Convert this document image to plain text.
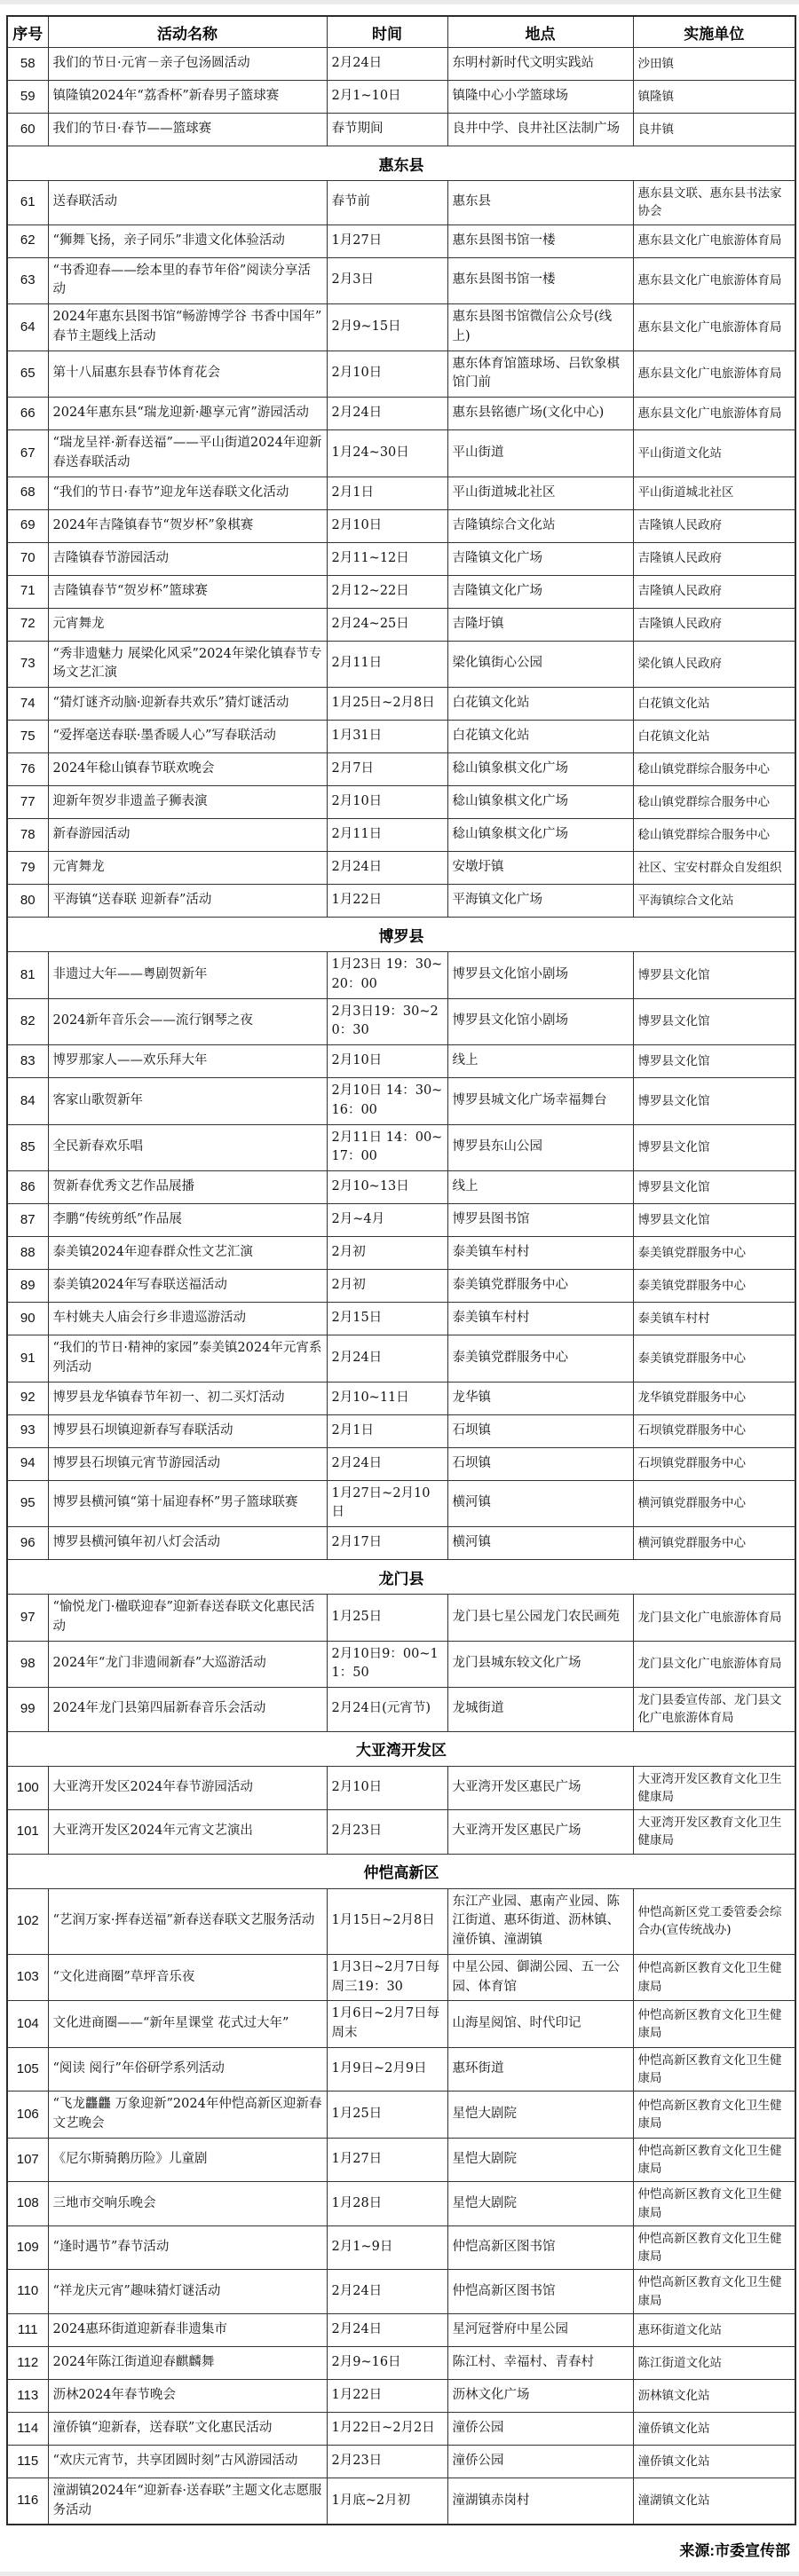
序号	活动名称	时间	地点	实施单位
58	我们的节日·元宵－亲子包汤圆活动	2月24日	东明村新时代文明实践站	沙田镇
59	镇隆镇2024年“荔香杯”新春男子篮球赛	2月1~10日	镇隆中心小学篮球场	镇隆镇
60	我们的节日·春节——篮球赛	春节期间	良井中学、良井社区法制广场	良井镇
惠东县				
61	送春联活动	春节前	惠东县	惠东县文联、惠东县书法家协会
62	“狮舞飞扬，亲子同乐”非遗文化体验活动	1月27日	惠东县图书馆一楼	惠东县文化广电旅游体育局
63	“书香迎春——绘本里的春节年俗”阅读分享活动	2月3日	惠东县图书馆一楼	惠东县文化广电旅游体育局
64	2024年惠东县图书馆“畅游博学谷 书香中国年”春节主题线上活动	2月9~15日	惠东县图书馆微信公众号(线上)	惠东县文化广电旅游体育局
65	第十八届惠东县春节体育花会	2月10日	惠东体育馆篮球场、吕钦象棋馆门前	惠东县文化广电旅游体育局
66	2024年惠东县“瑞龙迎新·趣享元宵”游园活动	2月24日	惠东县铭德广场(文化中心)	惠东县文化广电旅游体育局
67	“瑞龙呈祥·新春送福”——平山街道2024年迎新春送春联活动	1月24~30日	平山街道	平山街道文化站
68	“我们的节日·春节”迎龙年送春联文化活动	2月1日	平山街道城北社区	平山街道城北社区
69	2024年吉隆镇春节“贺岁杯”象棋赛	2月10日	吉隆镇综合文化站	吉隆镇人民政府
70	吉隆镇春节游园活动	2月11~12日	吉隆镇文化广场	吉隆镇人民政府
71	吉隆镇春节“贺岁杯”篮球赛	2月12~22日	吉隆镇文化广场	吉隆镇人民政府
72	元宵舞龙	2月24~25日	吉隆圩镇	吉隆镇人民政府
73	“秀非遗魅力 展梁化风采”2024年梁化镇春节专场文艺汇演	2月11日	梁化镇街心公园	梁化镇人民政府
74	“猜灯谜齐动脑·迎新春共欢乐”猜灯谜活动	1月25日~2月8日	白花镇文化站	白花镇文化站
75	“爱挥毫送春联·墨香暖人心”写春联活动	1月31日	白花镇文化站	白花镇文化站
76	2024年稔山镇春节联欢晚会	2月7日	稔山镇象棋文化广场	稔山镇党群综合服务中心
77	迎新年贺岁非遗盖子狮表演	2月10日	稔山镇象棋文化广场	稔山镇党群综合服务中心
78	新春游园活动	2月11日	稔山镇象棋文化广场	稔山镇党群综合服务中心
79	元宵舞龙	2月24日	安墩圩镇	社区、宝安村群众自发组织
80	平海镇“送春联 迎新春”活动	1月22日	平海镇文化广场	平海镇综合文化站
博罗县				
81	非遗过大年——粤剧贺新年	1月23日 19：30~20：00	博罗县文化馆小剧场	博罗县文化馆
82	2024新年音乐会——流行钢琴之夜	2月3日19：30~20：30	博罗县文化馆小剧场	博罗县文化馆
83	博罗那家人——欢乐拜大年	2月10日	线上	博罗县文化馆
84	客家山歌贺新年	2月10日 14：30~16：00	博罗县城文化广场幸福舞台	博罗县文化馆
85	全民新春欢乐唱	2月11日 14：00~17：00	博罗县东山公园	博罗县文化馆
86	贺新春优秀文艺作品展播	2月10~13日	线上	博罗县文化馆
87	李鹏“传统剪纸”作品展	2月~4月	博罗县图书馆	博罗县文化馆
88	泰美镇2024年迎春群众性文艺汇演	2月初	泰美镇车村村	泰美镇党群服务中心
89	泰美镇2024年写春联送福活动	2月初	泰美镇党群服务中心	泰美镇党群服务中心
90	车村姚夫人庙会行乡非遗巡游活动	2月15日	泰美镇车村村	泰美镇车村村
91	“我们的节日·精神的家园”泰美镇2024年元宵系列活动	2月24日	泰美镇党群服务中心	泰美镇党群服务中心
92	博罗县龙华镇春节年初一、初二买灯活动	2月10~11日	龙华镇	龙华镇党群服务中心
93	博罗县石坝镇迎新春写春联活动	2月1日	石坝镇	石坝镇党群服务中心
94	博罗县石坝镇元宵节游园活动	2月24日	石坝镇	石坝镇党群服务中心
95	博罗县横河镇“第十届迎春杯”男子篮球联赛	1月27日~2月10日	横河镇	横河镇党群服务中心
96	博罗县横河镇年初八灯会活动	2月17日	横河镇	横河镇党群服务中心
龙门县				
97	“愉悦龙门·楹联迎春”迎新春送春联文化惠民活动	1月25日	龙门县七星公园龙门农民画苑	龙门县文化广电旅游体育局
98	2024年“龙门非遗闹新春”大巡游活动	2月10日9：00~11：50	龙门县城东较文化广场	龙门县文化广电旅游体育局
99	2024年龙门县第四届新春音乐会活动	2月24日(元宵节)	龙城街道	龙门县委宣传部、龙门县文化广电旅游体育局
大亚湾开发区				
100	大亚湾开发区2024年春节游园活动	2月10日	大亚湾开发区惠民广场	大亚湾开发区教育文化卫生健康局
101	大亚湾开发区2024年元宵文艺演出	2月23日	大亚湾开发区惠民广场	大亚湾开发区教育文化卫生健康局
仲恺高新区				
102	“艺润万家·挥春送福”新春送春联文艺服务活动	1月15日~2月8日	东江产业园、惠南产业园、陈江街道、惠环街道、沥林镇、潼侨镇、潼湖镇	仲恺高新区党工委管委会综合办(宣传统战办)
103	“文化进商圈”草坪音乐夜	1月3日~2月7日每周三19：30	中星公园、御湖公园、五一公园、体育馆	仲恺高新区教育文化卫生健康局
104	文化进商圈——“新年星课堂 花式过大年”	1月6日~2月7日每周末	山海星阅馆、时代印记	仲恺高新区教育文化卫生健康局
105	“阅读 阅行”年俗研学系列活动	1月9日~2月9日	惠环街道	仲恺高新区教育文化卫生健康局
106	“飞龙龘龘 万象迎新”2024年仲恺高新区迎新春文艺晚会	1月25日	星恺大剧院	仲恺高新区教育文化卫生健康局
107	《尼尔斯骑鹅历险》儿童剧	1月27日	星恺大剧院	仲恺高新区教育文化卫生健康局
108	三地市交响乐晚会	1月28日	星恺大剧院	仲恺高新区教育文化卫生健康局
109	“逢时遇节”春节活动	2月1~9日	仲恺高新区图书馆	仲恺高新区教育文化卫生健康局
110	“祥龙庆元宵”趣味猜灯谜活动	2月24日	仲恺高新区图书馆	仲恺高新区教育文化卫生健康局
111	2024惠环街道迎新春非遗集市	2月24日	星河冠誉府中星公园	惠环街道文化站
112	2024年陈江街道迎春麒麟舞	2月9~16日	陈江村、幸福村、青春村	陈江街道文化站
113	沥林2024年春节晚会	1月22日	沥林文化广场	沥林镇文化站
114	潼侨镇“迎新春，送春联”文化惠民活动	1月22日~2月2日	潼侨公园	潼侨镇文化站
115	“欢庆元宵节，共享团圆时刻”古风游园活动	2月23日	潼侨公园	潼侨镇文化站
116	潼湖镇2024年“迎新春·送春联”主题文化志愿服务活动	1月底~2月初	潼湖镇赤岗村	潼湖镇文化站
来源:市委宣传部
